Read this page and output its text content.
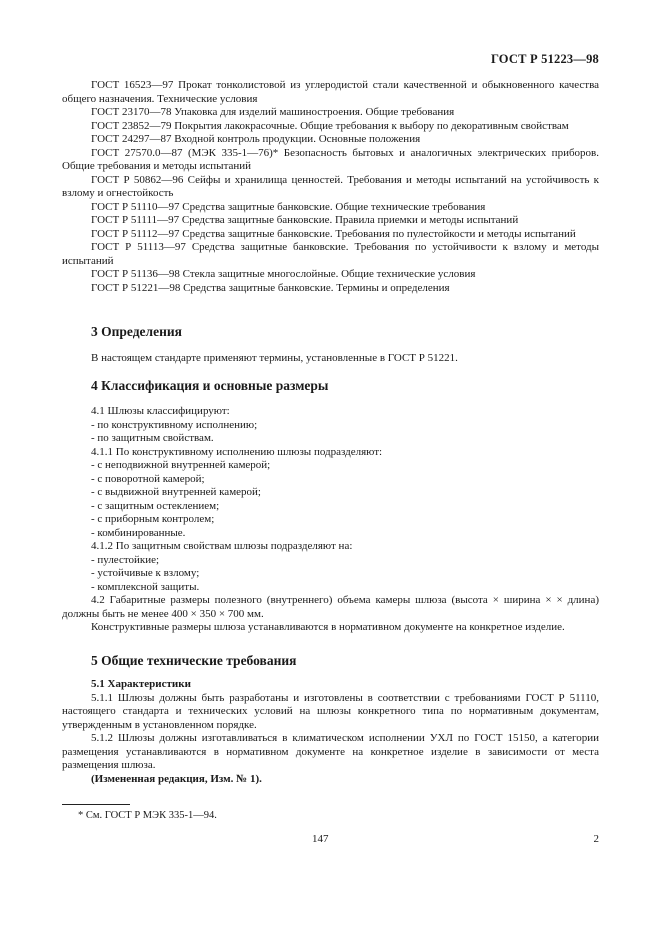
ГОСТ Р 51223—98

ГОСТ 16523—97 Прокат тонколистовой из углеродистой стали качественной и обыкновенного качества общего назначения. Технические условия

ГОСТ 23170—78 Упаковка для изделий машиностроения. Общие требования

ГОСТ 23852—79 Покрытия лакокрасочные. Общие требования к выбору по декоративным свойствам

ГОСТ 24297—87 Входной контроль продукции. Основные положения

ГОСТ 27570.0—87 (МЭК 335-1—76)* Безопасность бытовых и аналогичных электрических приборов. Общие требования и методы испытаний

ГОСТ Р 50862—96 Сейфы и хранилища ценностей. Требования и методы испытаний на устойчивость к взлому и огнестойкость

ГОСТ Р 51110—97 Средства защитные банковские. Общие технические требования

ГОСТ Р 51111—97 Средства защитные банковские. Правила приемки и методы испытаний

ГОСТ Р 51112—97 Средства защитные банковские. Требования по пулестойкости и методы испытаний

ГОСТ Р 51113—97 Средства защитные банковские. Требования по устойчивости к взлому и методы испытаний

ГОСТ Р 51136—98 Стекла защитные многослойные. Общие технические условия

ГОСТ Р 51221—98 Средства защитные банковские. Термины и определения

3 Определения

В настоящем стандарте применяют термины, установленные в ГОСТ Р 51221.

4 Классификация и основные размеры

4.1 Шлюзы классифицируют:

- по конструктивному исполнению;

- по защитным свойствам.

4.1.1 По конструктивному исполнению шлюзы подразделяют:

- с неподвижной внутренней камерой;

- с поворотной камерой;

- с выдвижной внутренней камерой;

- с защитным остеклением;

- с приборным контролем;

- комбинированные.

4.1.2 По защитным свойствам шлюзы подразделяют на:

- пулестойкие;

- устойчивые к взлому;

- комплексной защиты.

4.2 Габаритные размеры полезного (внутреннего) объема камеры шлюза (высота × ширина × × длина) должны быть не менее 400 × 350 × 700 мм.

Конструктивные размеры шлюза устанавливаются в нормативном документе на конкретное изделие.

5 Общие технические требования

5.1 Характеристики

5.1.1 Шлюзы должны быть разработаны и изготовлены в соответствии с требованиями ГОСТ Р 51110, настоящего стандарта и технических условий на шлюзы конкретного типа по нормативным документам, утвержденным в установленном порядке.

5.1.2 Шлюзы должны изготавливаться в климатическом исполнении УХЛ по ГОСТ 15150, а категории размещения устанавливаются в нормативном документе на конкретное изделие в зависимости от места размещения шлюза.

(Измененная редакция, Изм. № 1).

* См. ГОСТ Р МЭК 335-1—94.
147	2
